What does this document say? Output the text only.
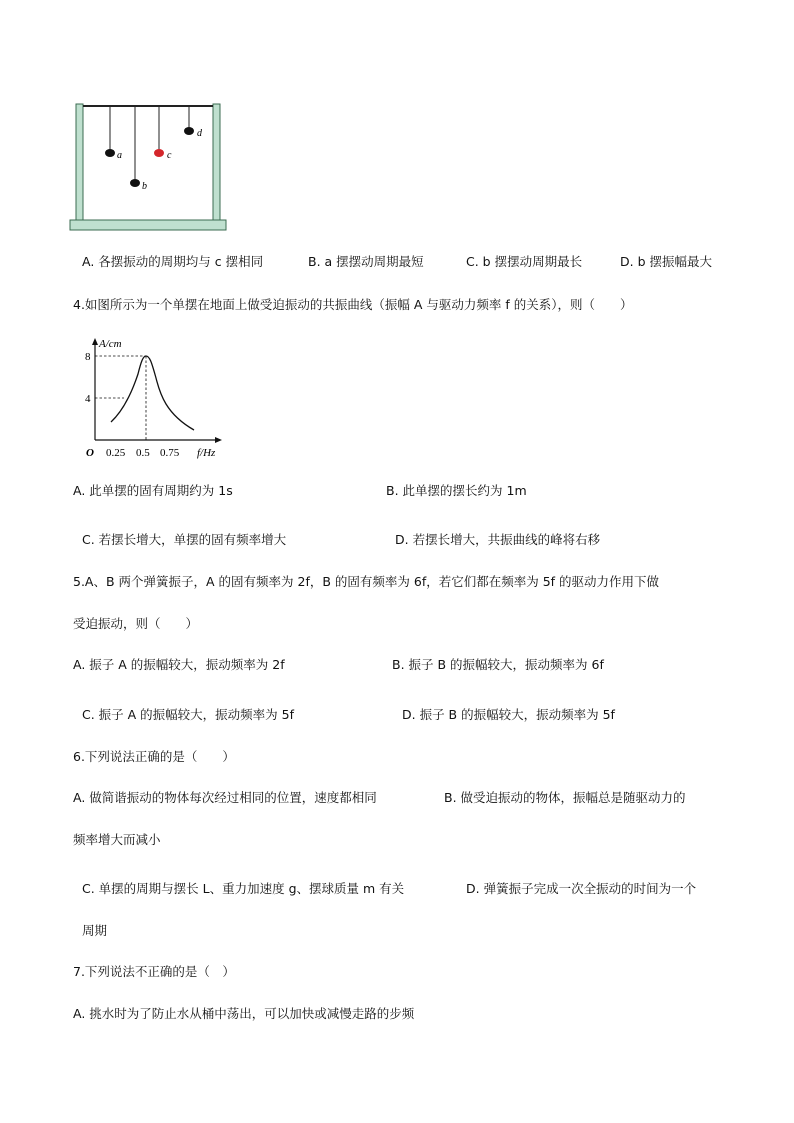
a
b
c
d
A. 各摆振动的周期均与 c 摆相同	B. a 摆摆动周期最短	C. b 摆摆动周期最长	D. b 摆振幅最大
4.如图所示为一个单摆在地面上做受迫振动的共振曲线（振幅 A 与驱动力频率 f 的关系），则（　　）
A/cm
8
4
O 0.25 0.5 0.75 f/Hz
A. 此单摆的固有周期约为 1s	B. 此单摆的摆长约为 1m
C. 若摆长增大，单摆的固有频率增大	D. 若摆长增大，共振曲线的峰将右移
5.A、B 两个弹簧振子，A 的固有频率为 2f，B 的固有频率为 6f，若它们都在频率为 5f 的驱动力作用下做
受迫振动，则（　　）
A. 振子 A 的振幅较大，振动频率为 2f	B. 振子 B 的振幅较大，振动频率为 6f
C. 振子 A 的振幅较大，振动频率为 5f	D. 振子 B 的振幅较大，振动频率为 5f
6.下列说法正确的是（　　）
A. 做简谐振动的物体每次经过相同的位置，速度都相同	B. 做受迫振动的物体，振幅总是随驱动力的
频率增大而减小
C. 单摆的周期与摆长 L、重力加速度 g、摆球质量 m 有关	D. 弹簧振子完成一次全振动的时间为一个
周期
7.下列说法不正确的是（　）
A. 挑水时为了防止水从桶中荡出，可以加快或减慢走路的步频
